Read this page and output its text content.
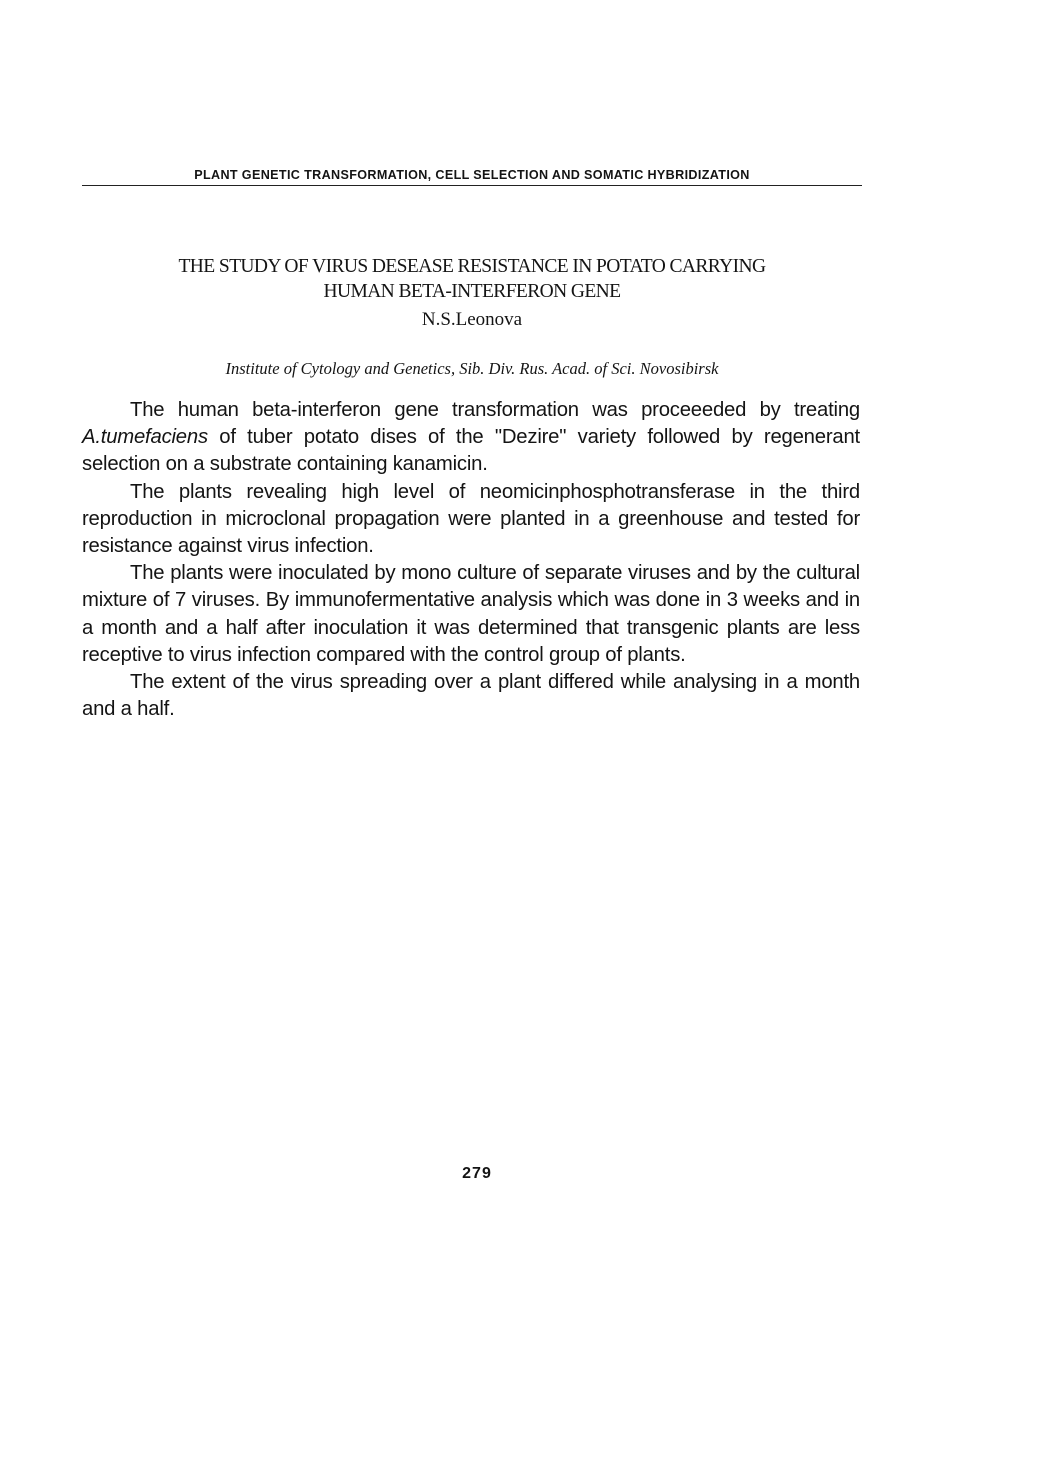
PLANT GENETIC TRANSFORMATION, CELL SELECTION AND SOMATIC HYBRIDIZATION
THE STUDY OF VIRUS DESEASE RESISTANCE IN POTATO CARRYING
HUMAN BETA-INTERFERON GENE
N.S.Leonova
Institute of Cytology and Genetics, Sib. Div. Rus. Acad. of Sci. Novosibirsk

The human beta-interferon gene transformation was proceeeded by treating A.tumefaciens of tuber potato dises of the "Dezire" variety followed by regenerant selection on a substrate containing kanamicin.

The plants revealing high level of neomicinphosphotransferase in the third reproduction in microclonal propagation were planted in a greenhouse and tested for resistance against virus infection.

The plants were inoculated by mono culture of separate viruses and by the cultural mixture of 7 viruses. By immunofermentative analysis which was done in 3 weeks and in a month and a half after inoculation it was determined that transgenic plants are less receptive to virus infection compared with the control group of plants.

The extent of the virus spreading over a plant differed while analysing in a month and a half.

279
